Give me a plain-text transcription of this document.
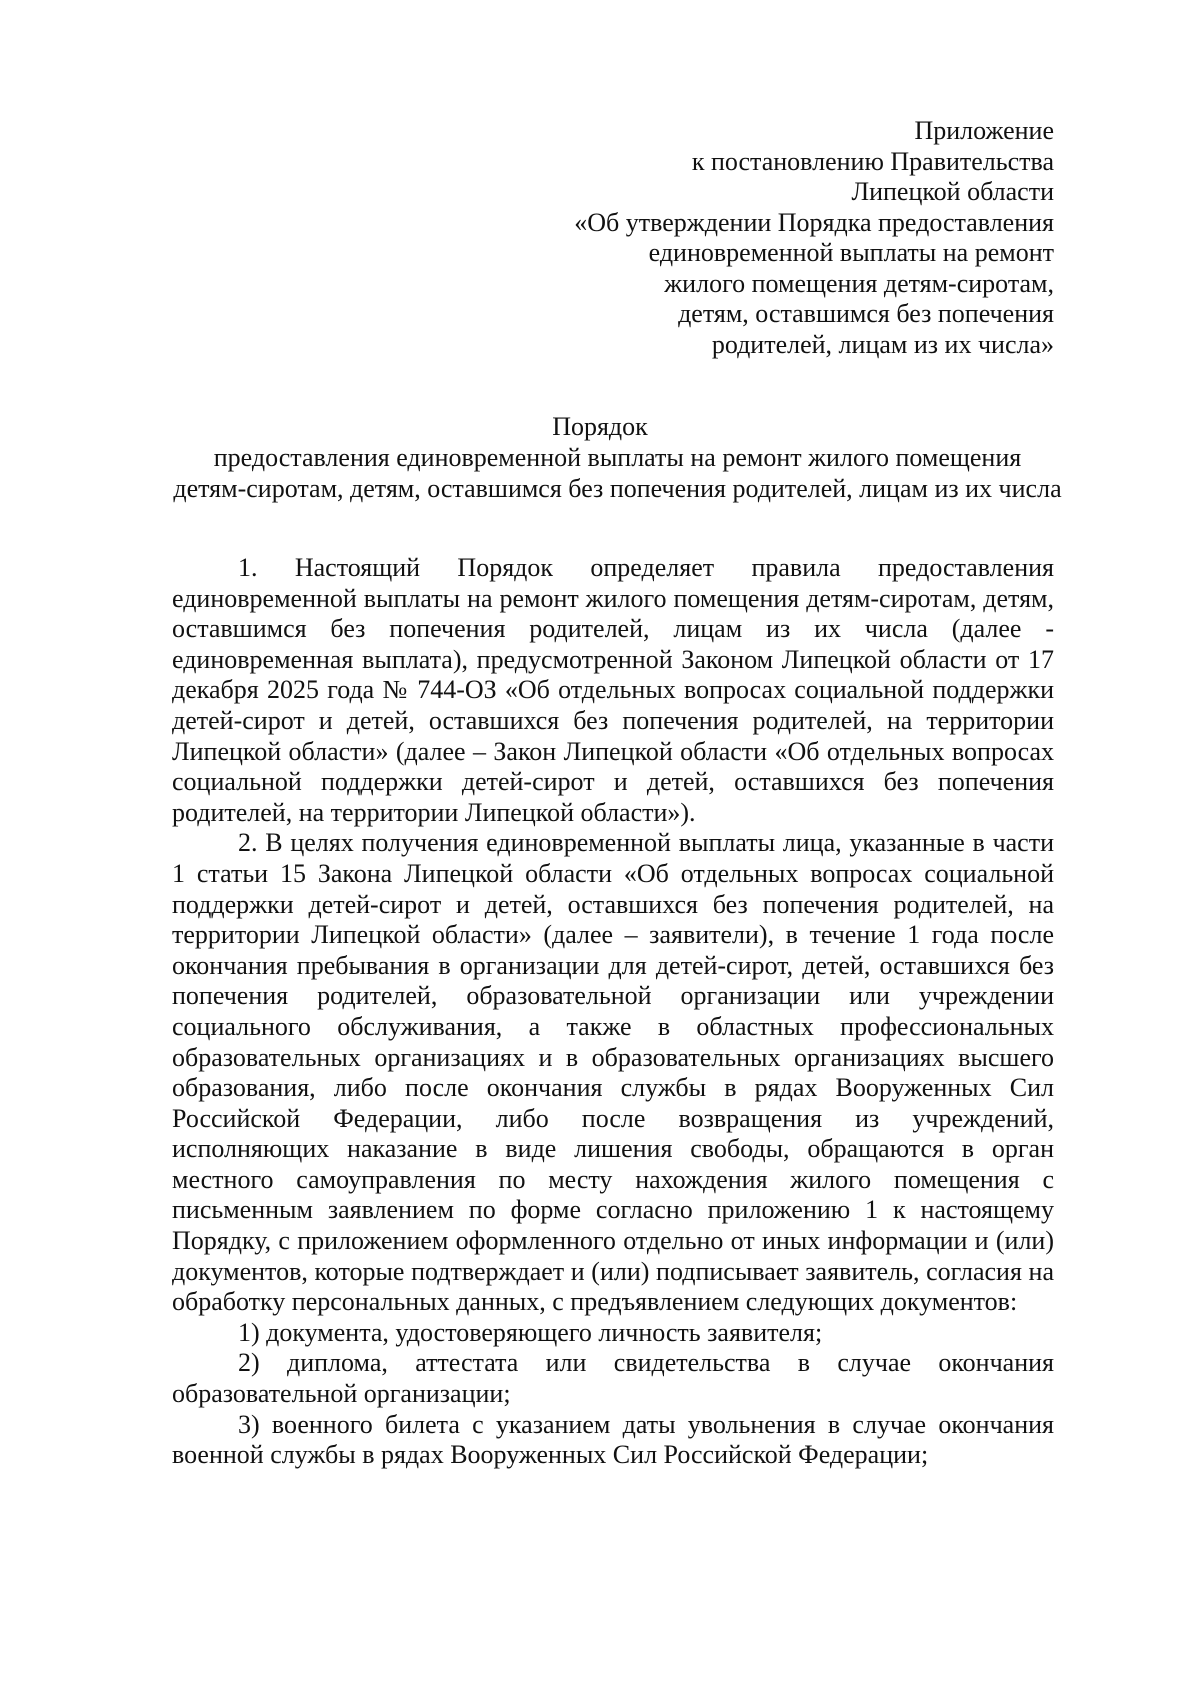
Приложение
к постановлению Правительства
Липецкой области
«Об утверждении Порядка предоставления
единовременной выплаты на ремонт
жилого помещения детям-сиротам,
детям, оставшимся без попечения
родителей, лицам из их числа»
Порядок
предоставления единовременной выплаты на ремонт жилого помещения
детям-сиротам, детям, оставшимся без попечения родителей, лицам из их числа

1. Настоящий Порядок определяет правила предоставления единовременной выплаты на ремонт жилого помещения детям-сиротам, детям, оставшимся без попечения родителей, лицам из их числа (далее - единовременная выплата), предусмотренной Законом Липецкой области от 17 декабря 2025 года № 744-ОЗ «Об отдельных вопросах социальной поддержки детей-сирот и детей, оставшихся без попечения родителей, на территории Липецкой области» (далее – Закон Липецкой области «Об отдельных вопросах социальной поддержки детей-сирот и детей, оставшихся без попечения родителей, на территории Липецкой области»).

2. В целях получения единовременной выплаты лица, указанные в части 1 статьи 15 Закона Липецкой области «Об отдельных вопросах социальной поддержки детей-сирот и детей, оставшихся без попечения родителей, на территории Липецкой области» (далее – заявители), в течение 1 года после окончания пребывания в организации для детей-сирот, детей, оставшихся без попечения родителей, образовательной организации или учреждении социального обслуживания, а также в областных профессиональных образовательных организациях и в образовательных организациях высшего образования, либо после окончания службы в рядах Вооруженных Сил Российской Федерации, либо после возвращения из учреждений, исполняющих наказание в виде лишения свободы, обращаются в орган местного самоуправления по месту нахождения жилого помещения с письменным заявлением по форме согласно приложению 1 к настоящему Порядку, с приложением оформленного отдельно от иных информации и (или) документов, которые подтверждает и (или) подписывает заявитель, согласия на обработку персональных данных, с предъявлением следующих документов:

1) документа, удостоверяющего личность заявителя;

2) диплома, аттестата или свидетельства в случае окончания образовательной организации;

3) военного билета с указанием даты увольнения в случае окончания военной службы в рядах Вооруженных Сил Российской Федерации;
